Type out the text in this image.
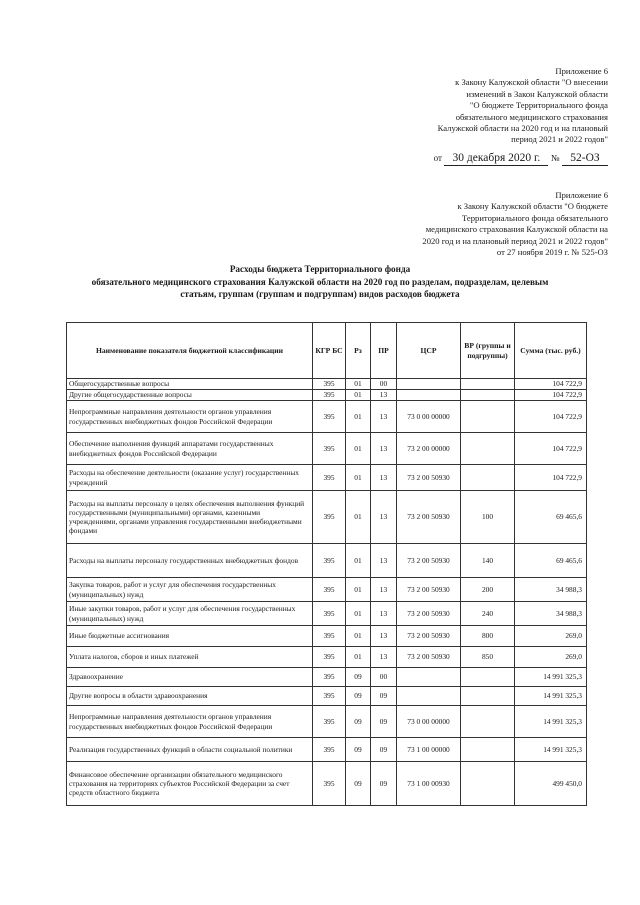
Приложение 6
к Закону Калужской области "О внесении
изменений в Закон Калужской области
"О бюджете Территориального фонда
обязательного медицинского страхования
Калужской области на 2020 год и на плановый
период 2021 и 2022 годов"
от 30 декабря 2020 г. № 52-ОЗ
Приложение 6
к Закону Калужской области "О бюджете
Территориального фонда обязательного
медицинского страхования Калужской области на
2020 год и на плановый период 2021 и 2022 годов"
от 27 ноября 2019 г. № 525-ОЗ
Расходы бюджета Территориального фонда
обязательного медицинского страхования Калужской области на 2020 год по разделам, подразделам, целевым
статьям, группам (группам и подгруппам) видов расходов бюджета
Наименование показателя бюджетной классификации	КГР БС	Рз	ПР	ЦСР	ВР (группы и подгруппы)	Сумма (тыс. руб.)
Общегосударственные вопросы	395	01	00			104 722,9
Другие общегосударственные вопросы	395	01	13			104 722,9
Непрограммные направления деятельности органов управления государственных внебюджетных фондов Российской Федерации	395	01	13	73 0 00 00000		104 722,9
Обеспечение выполнения функций аппаратами государственных внебюджетных фондов Российской Федерации	395	01	13	73 2 00 00000		104 722,9
Расходы на обеспечение деятельности (оказание услуг) государственных учреждений	395	01	13	73 2 00 50930		104 722,9
Расходы на выплаты персоналу в целях обеспечения выполнения функций государственными (муниципальными) органами, казенными учреждениями, органами управления государственными внебюджетными фондами	395	01	13	73 2 00 50930	100	69 465,6
Расходы на выплаты персоналу государственных внебюджетных фондов	395	01	13	73 2 00 50930	140	69 465,6
Закупка товаров, работ и услуг для обеспечения государственных (муниципальных) нужд	395	01	13	73 2 00 50930	200	34 988,3
Иные закупки товаров, работ и услуг для обеспечения государственных (муниципальных) нужд	395	01	13	73 2 00 50930	240	34 988,3
Иные бюджетные ассигнования	395	01	13	73 2 00 50930	800	269,0
Уплата налогов, сборов и иных платежей	395	01	13	73 2 00 50930	850	269,0
Здравоохранение	395	09	00			14 991 325,3
Другие вопросы в области здравоохранения	395	09	09			14 991 325,3
Непрограммные направления деятельности органов управления государственных внебюджетных фондов Российской Федерации	395	09	09	73 0 00 00000		14 991 325,3
Реализация государственных функций в области социальной политики	395	09	09	73 1 00 00000		14 991 325,3
Финансовое обеспечение организации обязательного медицинского страхования на территориях субъектов Российской Федерации за счет средств областного бюджета	395	09	09	73 1 00 00930		499 450,0
